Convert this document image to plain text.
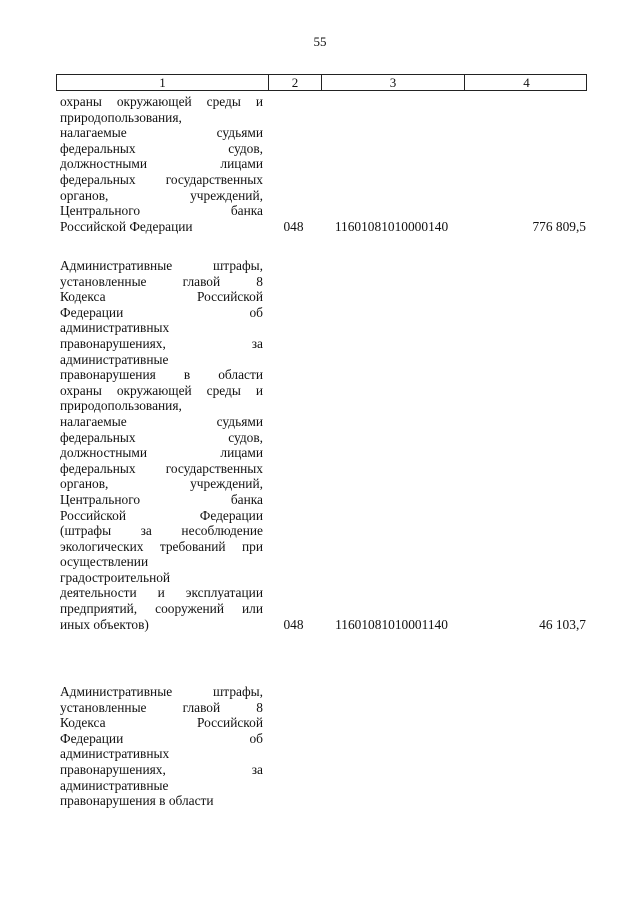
55
1	2	3	4
охраны окружающей среды и
природопользования,
налагаемые судьями
федеральных судов,
должностными лицами
федеральных государственных
органов, учреждений,
Центрального банка
Российской Федерации	048	11601081010000140	776 809,5
Административные штрафы,
установленные главой 8
Кодекса Российской
Федерации об
административных
правонарушениях, за
административные
правонарушения в области
охраны окружающей среды и
природопользования,
налагаемые судьями
федеральных судов,
должностными лицами
федеральных государственных
органов, учреждений,
Центрального банка
Российской Федерации
(штрафы за несоблюдение
экологических требований при
осуществлении
градостроительной
деятельности и эксплуатации
предприятий, сооружений или
иных объектов)	048	11601081010001140	46 103,7
Административные штрафы,
установленные главой 8
Кодекса Российской
Федерации об
административных
правонарушениях, за
административные
правонарушения в области
